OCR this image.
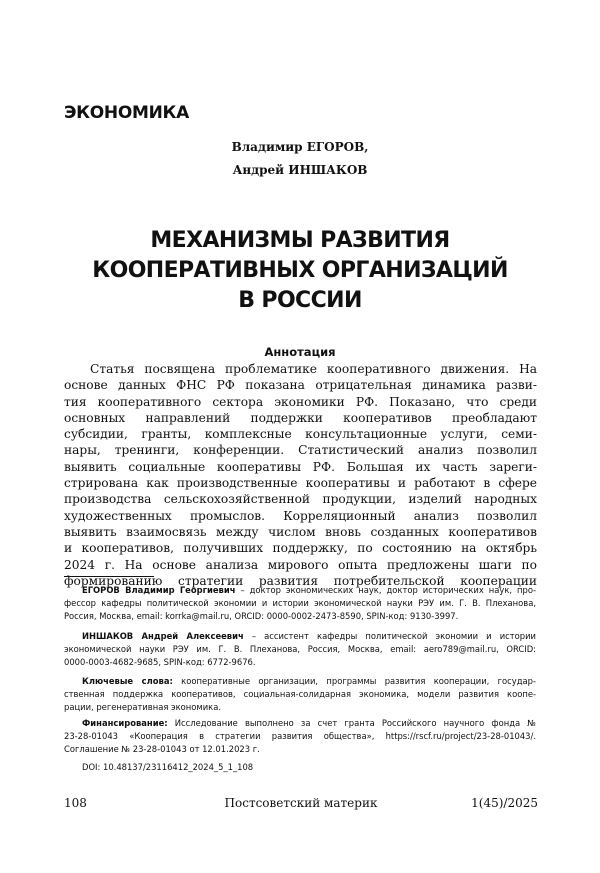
ЭКОНОМИКА
Владимир ЕГОРОВ,
Андрей ИНШАКОВ
МЕХАНИЗМЫ РАЗВИТИЯ
КООПЕРАТИВНЫХ ОРГАНИЗАЦИЙ
В РОССИИ
Аннотация
Статья посвящена проблематике кооперативного движения. На
основе данных ФНС РФ показана отрицательная динамика разви-
тия кооперативного сектора экономики РФ. Показано, что среди
основных направлений поддержки кооперативов преобладают
субсидии, гранты, комплексные консультационные услуги, семи-
нары, тренинги, конференции. Статистический анализ позволил
выявить социальные кооперативы РФ. Большая их часть зареги-
стрирована как производственные кооперативы и работают в сфере
производства сельскохозяйственной продукции, изделий народных
художественных промыслов. Корреляционный анализ позволил
выявить взаимосвязь между числом вновь созданных кооперативов
и кооперативов, получивших поддержку, по состоянию на октябрь
2024 г. На основе анализа мирового опыта предложены шаги по
формированию стратегии развития потребительской кооперации
ЕГОРОВ Владимир Георгиевич – доктор экономических наук, доктор исторических наук, про-
фессор кафедры политической экономии и истории экономической науки РЭУ им. Г. В. Плеханова,
Россия, Москва, email: korrka@mail.ru, ORCID: 0000-0002-2473-8590, SPIN-код: 9130-3997.
ИНШАКОВ Андрей Алексеевич – ассистент кафедры политической экономии и истории
экономической науки РЭУ им. Г. В. Плеханова, Россия, Москва, email: aero789@mail.ru, ORCID:
0000-0003-4682-9685, SPIN-код: 6772-9676.
Ключевые слова: кооперативные организации, программы развития кооперации, государ-
ственная поддержка кооперативов, социальная-солидарная экономика, модели развития коопе-
рации, регенеративная экономика.
Финансирование: Исследование выполнено за счет гранта Российского научного фонда №
23-28-01043 «Кооперация в стратегии развития общества», https://rscf.ru/project/23-28-01043/.
Соглашение № 23-28-01043 от 12.01.2023 г.
DOI: 10.48137/23116412_2024_5_1_108
108	Постсоветский материк	1(45)/2025
